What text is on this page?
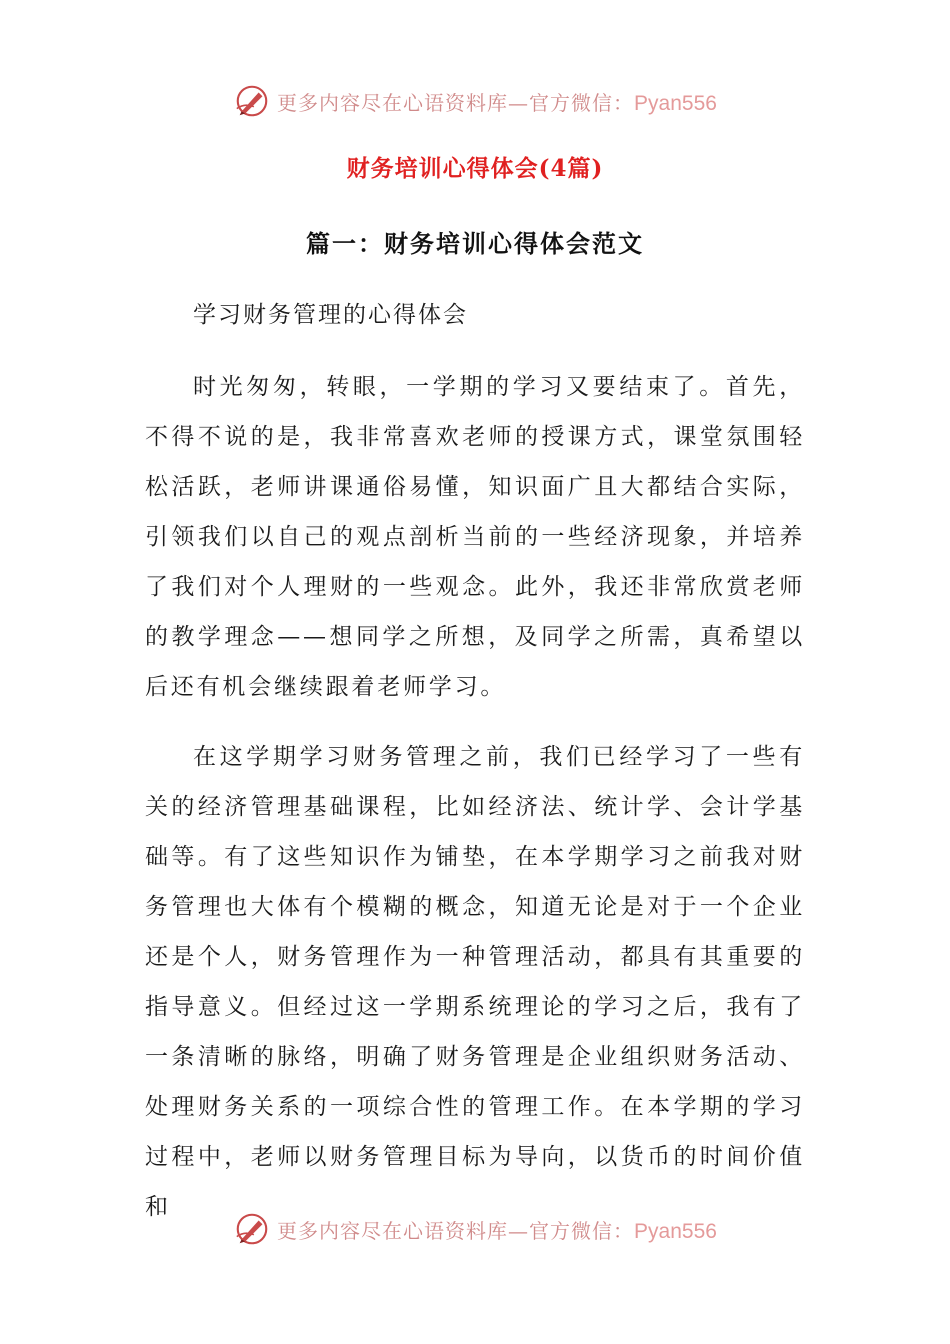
更多内容尽在心语资料库—官方微信：Pyan556
财务培训心得体会(4篇)
篇一：财务培训心得体会范文
学习财务管理的心得体会

时光匆匆，转眼，一学期的学习又要结束了。首先，不得不说的是，我非常喜欢老师的授课方式，课堂氛围轻松活跃，老师讲课通俗易懂，知识面广且大都结合实际，引领我们以自己的观点剖析当前的一些经济现象，并培养了我们对个人理财的一些观念。此外，我还非常欣赏老师的教学理念——想同学之所想，及同学之所需，真希望以后还有机会继续跟着老师学习。

在这学期学习财务管理之前，我们已经学习了一些有关的经济管理基础课程，比如经济法、统计学、会计学基础等。有了这些知识作为铺垫，在本学期学习之前我对财务管理也大体有个模糊的概念，知道无论是对于一个企业还是个人，财务管理作为一种管理活动，都具有其重要的指导意义。但经过这一学期系统理论的学习之后，我有了一条清晰的脉络，明确了财务管理是企业组织财务活动、处理财务关系的一项综合性的管理工作。在本学期的学习过程中，老师以财务管理目标为导向，以货币的时间价值和

更多内容尽在心语资料库—官方微信：Pyan556
